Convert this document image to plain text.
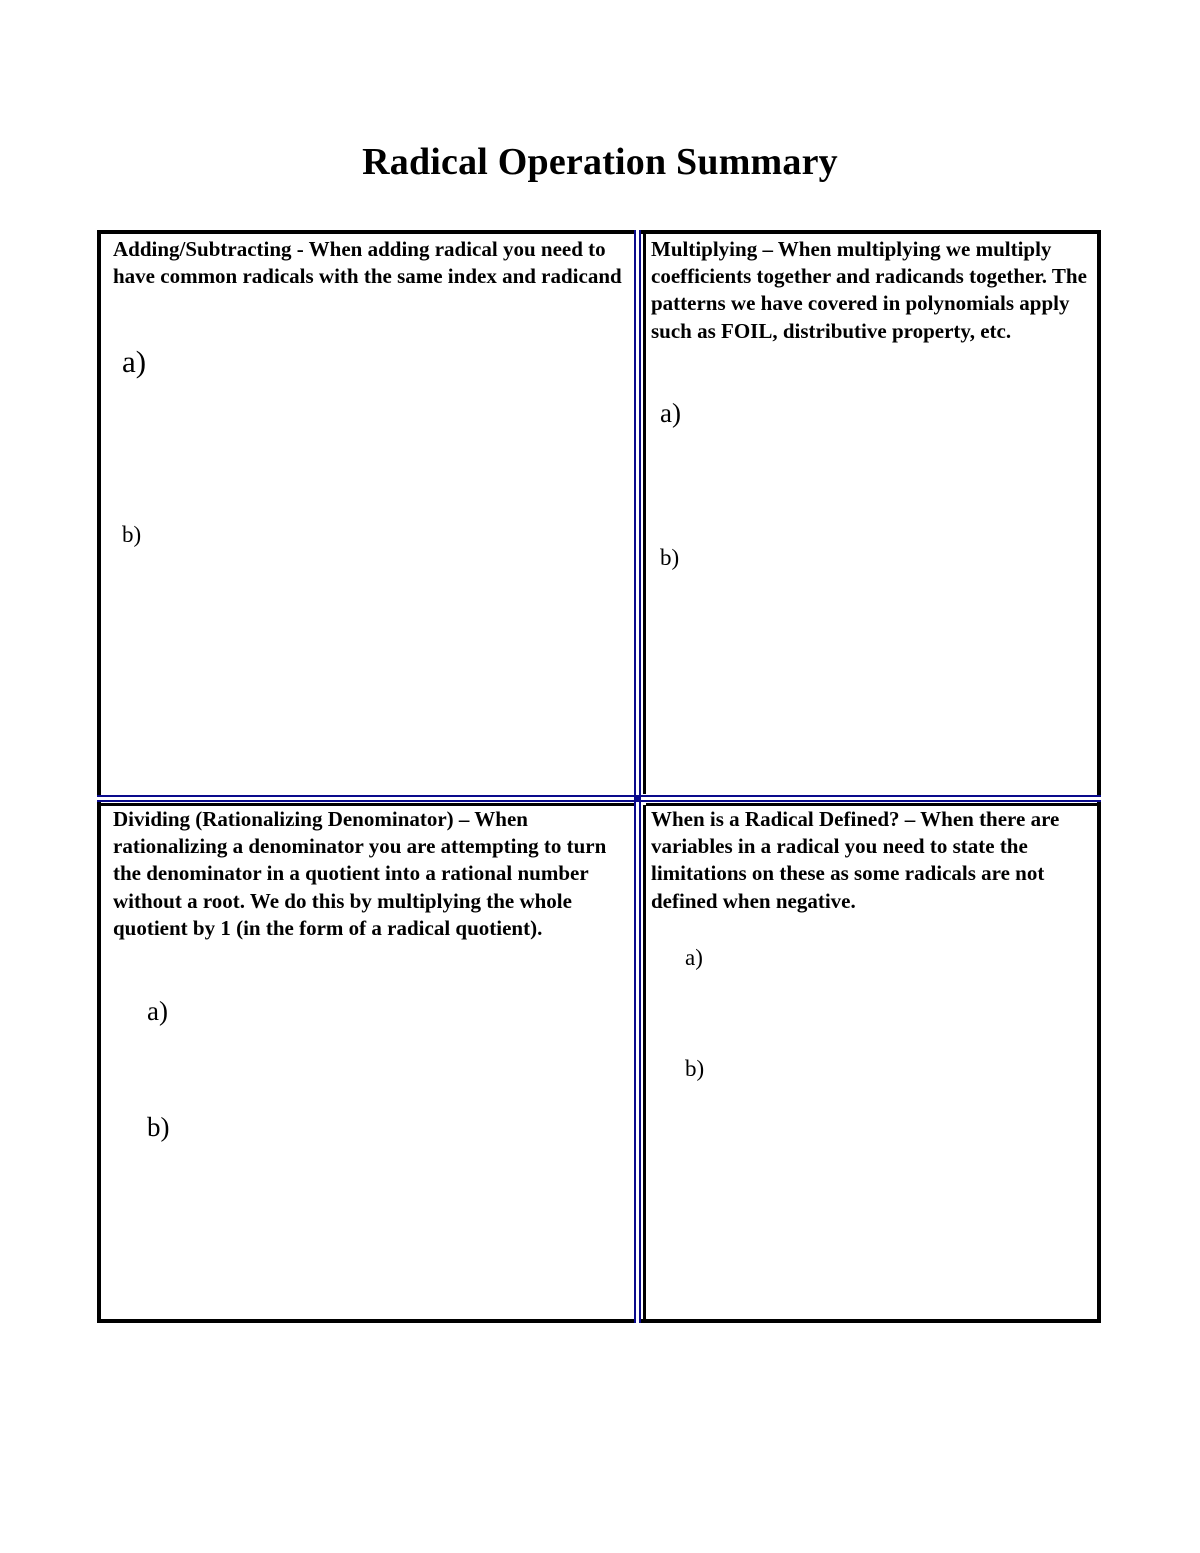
Radical Operation Summary

Adding/Subtracting - When adding radical you need to have common radicals with the same index and radicand

a)

b)

Multiplying – When multiplying we multiply coefficients together and radicands together. The patterns we have covered in polynomials apply such as FOIL, distributive property, etc.

a)

b)

Dividing (Rationalizing Denominator) – When rationalizing a denominator you are attempting to turn the denominator in a quotient into a rational number without a root. We do this by multiplying the whole quotient by 1 (in the form of a radical quotient).

a)

b)

When is a Radical Defined? – When there are variables in a radical you need to state the limitations on these as some radicals are not defined when negative.

a)

b)
